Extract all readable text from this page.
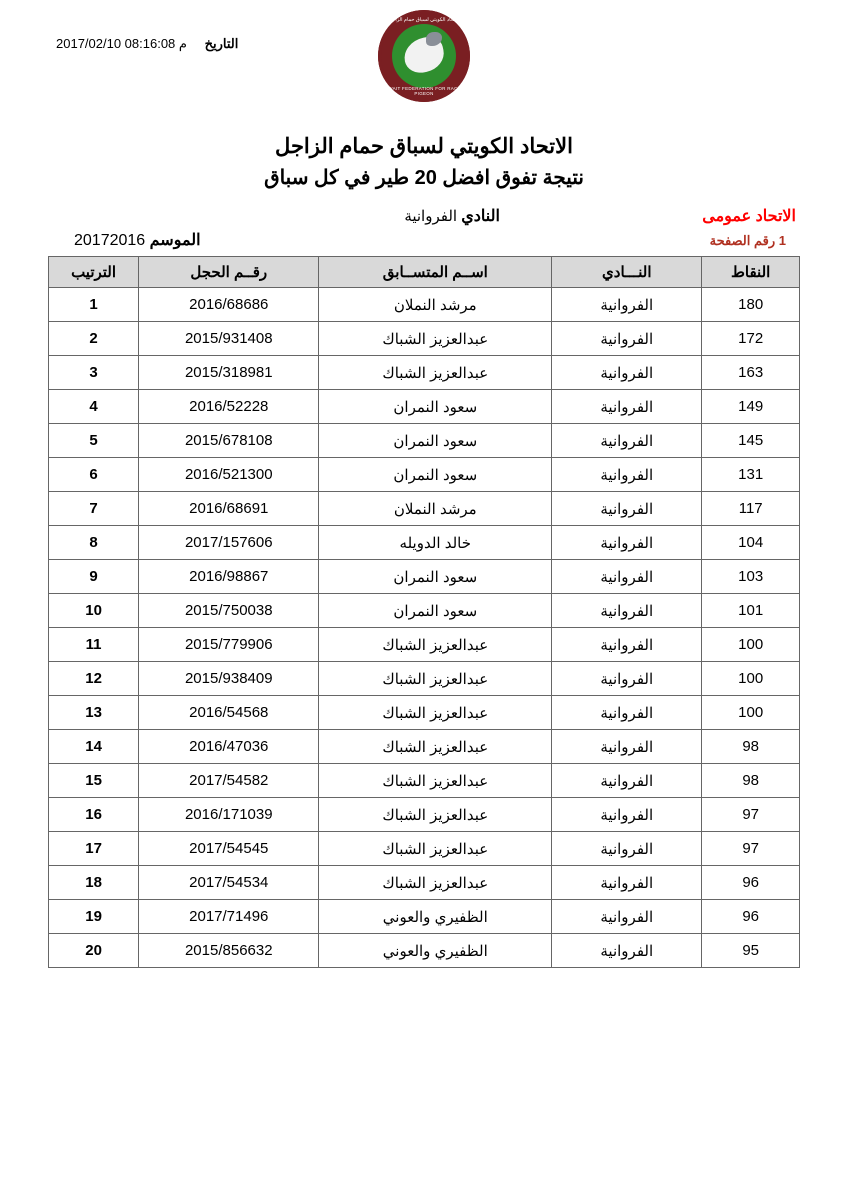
التاريخ 2017/02/10 08:16:08 م
الاتحاد الكويتي لسباق حمام الزاجل
KUWAIT FEDERATION FOR RACING PIGEON
الاتحاد الكويتي لسباق حمام الزاجل
نتيجة تفوق افضل 20 طير في كل سباق
الاتحاد عمومى
النادي الفروانية
1 رقم الصفحة
الموسم 20172016
النقاط	النـــادي	اســم المتســابق	رقــم الحجل	الترتيب
180	الفروانية	مرشد النملان	2016/68686	1
172	الفروانية	عبدالعزيز الشباك	2015/931408	2
163	الفروانية	عبدالعزيز الشباك	2015/318981	3
149	الفروانية	سعود النمران	2016/52228	4
145	الفروانية	سعود النمران	2015/678108	5
131	الفروانية	سعود النمران	2016/521300	6
117	الفروانية	مرشد النملان	2016/68691	7
104	الفروانية	خالد الدويله	2017/157606	8
103	الفروانية	سعود النمران	2016/98867	9
101	الفروانية	سعود النمران	2015/750038	10
100	الفروانية	عبدالعزيز الشباك	2015/779906	11
100	الفروانية	عبدالعزيز الشباك	2015/938409	12
100	الفروانية	عبدالعزيز الشباك	2016/54568	13
98	الفروانية	عبدالعزيز الشباك	2016/47036	14
98	الفروانية	عبدالعزيز الشباك	2017/54582	15
97	الفروانية	عبدالعزيز الشباك	2016/171039	16
97	الفروانية	عبدالعزيز الشباك	2017/54545	17
96	الفروانية	عبدالعزيز الشباك	2017/54534	18
96	الفروانية	الظفيري والعوني	2017/71496	19
95	الفروانية	الظفيري والعوني	2015/856632	20
